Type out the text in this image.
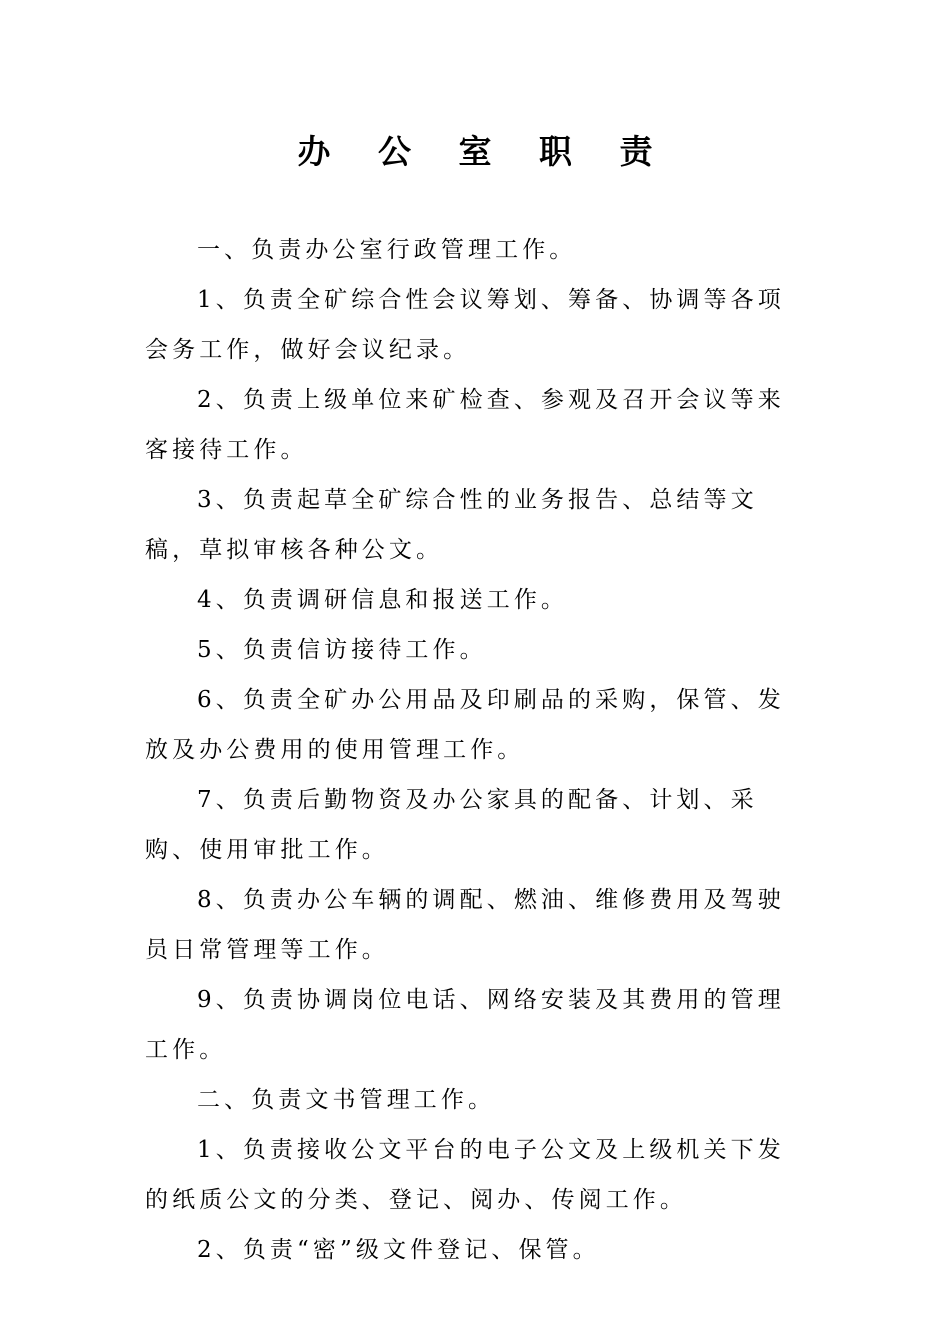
办 公 室 职 责

一、负责办公室行政管理工作。

1、负责全矿综合性会议筹划、筹备、协调等各项会务工作，做好会议纪录。

2、负责上级单位来矿检查、参观及召开会议等来客接待工作。

3、负责起草全矿综合性的业务报告、总结等文稿，草拟审核各种公文。

4、负责调研信息和报送工作。

5、负责信访接待工作。

6、负责全矿办公用品及印刷品的采购，保管、发放及办公费用的使用管理工作。

7、负责后勤物资及办公家具的配备、计划、采购、使用审批工作。

8、负责办公车辆的调配、燃油、维修费用及驾驶员日常管理等工作。

9、负责协调岗位电话、网络安装及其费用的管理工作。

二、负责文书管理工作。

1、负责接收公文平台的电子公文及上级机关下发的纸质公文的分类、登记、阅办、传阅工作。

2、负责“密”级文件登记、保管。
